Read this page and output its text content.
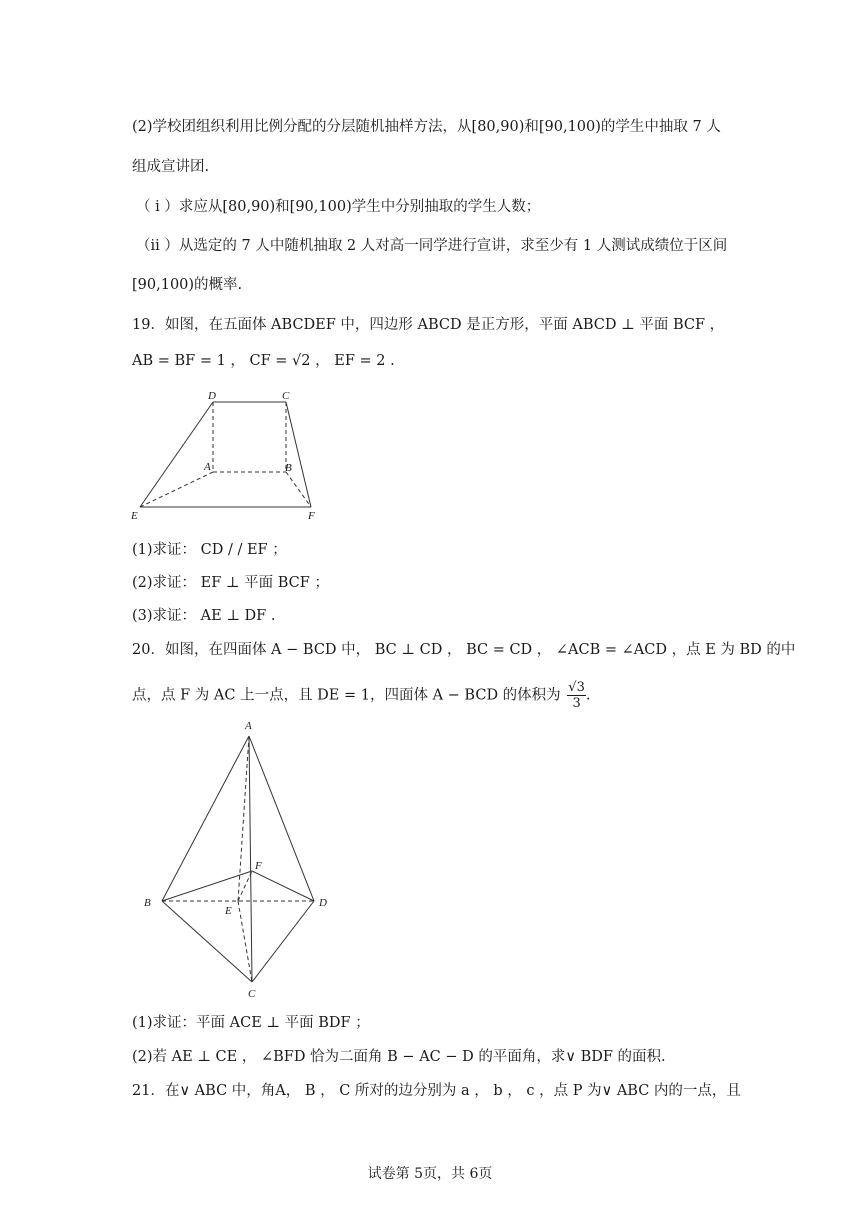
(2)学校团组织利用比例分配的分层随机抽样方法，从[80,90)和[90,100)的学生中抽取 7 人
组成宣讲团.
（ i ）求应从[80,90)和[90,100)学生中分别抽取的学生人数；
（ii ）从选定的 7 人中随机抽取 2 人对高一同学进行宣讲，求至少有 1 人测试成绩位于区间
[90,100)的概率.
19．如图，在五面体 ABCDEF 中，四边形 ABCD 是正方形，平面 ABCD ⊥ 平面 BCF ，
AB = BF = 1 ， CF = √2 ， EF = 2 .
D	C
A	B
E	F
(1)求证： CD / / EF ；
(2)求证： EF ⊥ 平面 BCF ；
(3)求证： AE ⊥ DF .
20．如图，在四面体 A − BCD 中， BC ⊥ CD ， BC = CD ， ∠ACB = ∠ACD ，点 E 为 BD 的中
点，点 F 为 AC 上一点，且 DE = 1，四面体 A − BCD 的体积为 $\frac{√3}{3}$ .
A
B
C
D
E
F
(1)求证：平面 ACE ⊥ 平面 BDF ；
(2)若 AE ⊥ CE ， ∠BFD 恰为二面角 B − AC − D 的平面角，求∨ BDF 的面积.
21．在∨ ABC 中，角A， B ， C 所对的边分别为 a ， b ， c ，点 P 为∨ ABC 内的一点，且
试卷第 5页，共 6页
